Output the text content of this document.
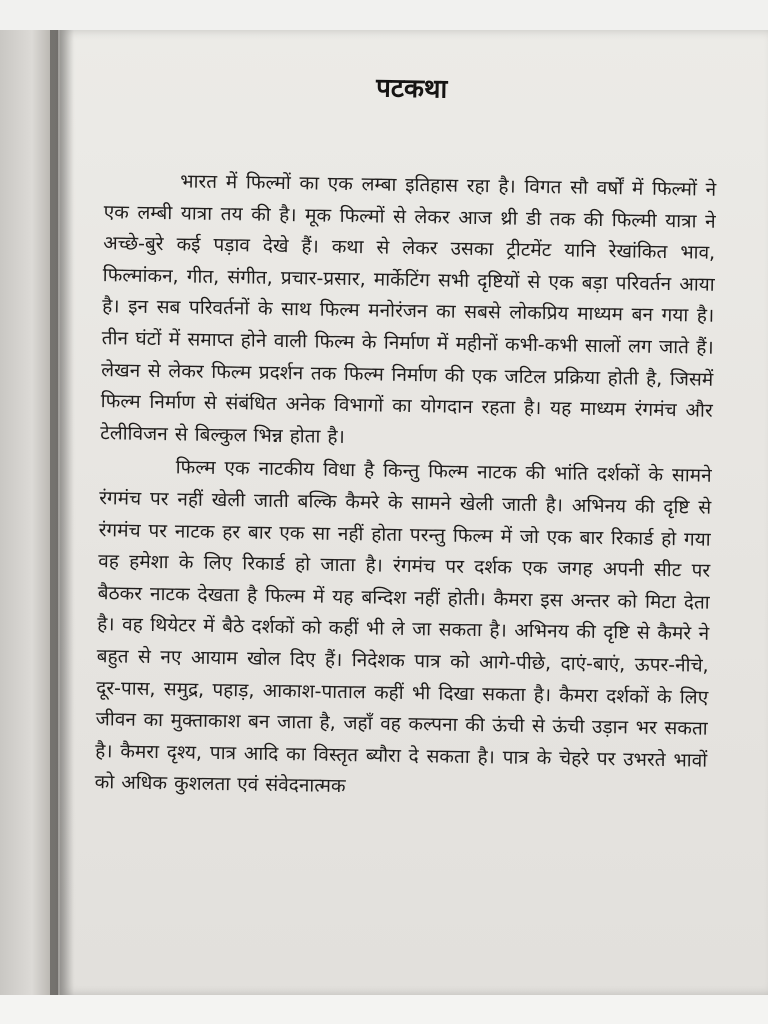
पटकथा

भारत में फिल्मों का एक लम्बा इतिहास रहा है। विगत सौ वर्षों में फिल्मों ने एक लम्बी यात्रा तय की है। मूक फिल्मों से लेकर आज थ्री डी तक की फिल्मी यात्रा ने अच्छे-बुरे कई पड़ाव देखे हैं। कथा से लेकर उसका ट्रीटमेंट यानि रेखांकित भाव, फिल्मांकन, गीत, संगीत, प्रचार-प्रसार, मार्केटिंग सभी दृष्टियों से एक बड़ा परिवर्तन आया है। इन सब परिवर्तनों के साथ फिल्म मनोरंजन का सबसे लोकप्रिय माध्यम बन गया है। तीन घंटों में समाप्त होने वाली फिल्म के निर्माण में महीनों कभी-कभी सालों लग जाते हैं। लेखन से लेकर फिल्म प्रदर्शन तक फिल्म निर्माण की एक जटिल प्रक्रिया होती है, जिसमें फिल्म निर्माण से संबंधित अनेक विभागों का योगदान रहता है। यह माध्यम रंगमंच और टेलीविजन से बिल्कुल भिन्न होता है।

फिल्म एक नाटकीय विधा है किन्तु फिल्म नाटक की भांति दर्शकों के सामने रंगमंच पर नहीं खेली जाती बल्कि कैमरे के सामने खेली जाती है। अभिनय की दृष्टि से रंगमंच पर नाटक हर बार एक सा नहीं होता परन्तु फिल्म में जो एक बार रिकार्ड हो गया वह हमेशा के लिए रिकार्ड हो जाता है। रंगमंच पर दर्शक एक जगह अपनी सीट पर बैठकर नाटक देखता है फिल्म में यह बन्दिश नहीं होती। कैमरा इस अन्तर को मिटा देता है। वह थियेटर में बैठे दर्शकों को कहीं भी ले जा सकता है। अभिनय की दृष्टि से कैमरे ने बहुत से नए आयाम खोल दिए हैं। निदेशक पात्र को आगे-पीछे, दाएं-बाएं, ऊपर-नीचे, दूर-पास, समुद्र, पहाड़, आकाश-पाताल कहीं भी दिखा सकता है। कैमरा दर्शकों के लिए जीवन का मुक्ताकाश बन जाता है, जहाँ वह कल्पना की ऊंची से ऊंची उड़ान भर सकता है। कैमरा दृश्य, पात्र आदि का विस्तृत ब्यौरा दे सकता है। पात्र के चेहरे पर उभरते भावों को अधिक कुशलता एवं संवेदनात्मक
